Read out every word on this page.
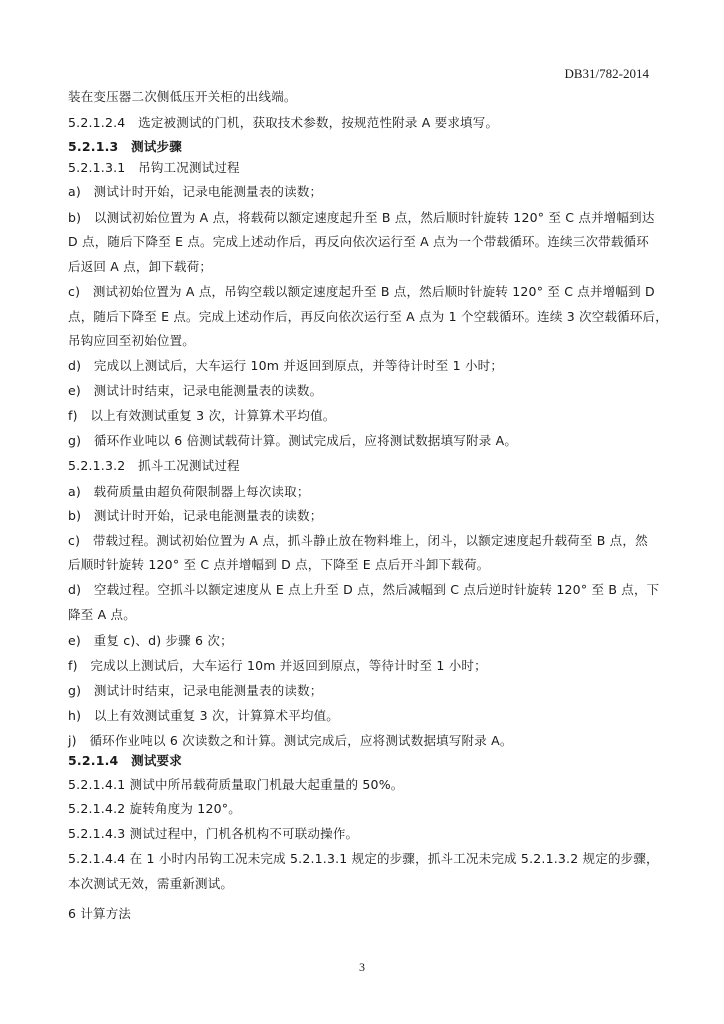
DB31/782-2014
装在变压器二次侧低压开关柜的出线端。
5.2.1.2.4　选定被测试的门机，获取技术参数，按规范性附录 A 要求填写。
5.2.1.3　测试步骤
5.2.1.3.1　吊钩工况测试过程
a)　测试计时开始，记录电能测量表的读数；
b)　以测试初始位置为 A 点，将载荷以额定速度起升至 B 点，然后顺时针旋转 120° 至 C 点并增幅到达
D 点，随后下降至 E 点。完成上述动作后，再反向依次运行至 A 点为一个带载循环。连续三次带载循环
后返回 A 点，卸下载荷；
c)　测试初始位置为 A 点，吊钩空载以额定速度起升至 B 点，然后顺时针旋转 120° 至 C 点并增幅到 D
点，随后下降至 E 点。完成上述动作后，再反向依次运行至 A 点为 1 个空载循环。连续 3 次空载循环后，
吊钩应回至初始位置。
d)　完成以上测试后，大车运行 10m 并返回到原点，并等待计时至 1 小时；
e)　测试计时结束，记录电能测量表的读数。
f)　以上有效测试重复 3 次，计算算术平均值。
g)　循环作业吨以 6 倍测试载荷计算。测试完成后，应将测试数据填写附录 A。
5.2.1.3.2　抓斗工况测试过程
a)　载荷质量由超负荷限制器上每次读取；
b)　测试计时开始，记录电能测量表的读数；
c)　带载过程。测试初始位置为 A 点，抓斗静止放在物料堆上，闭斗，以额定速度起升载荷至 B 点，然
后顺时针旋转 120° 至 C 点并增幅到 D 点，下降至 E 点后开斗卸下载荷。
d)　空载过程。空抓斗以额定速度从 E 点上升至 D 点，然后减幅到 C 点后逆时针旋转 120° 至 B 点，下
降至 A 点。
e)　重复 c)、d) 步骤 6 次；
f)　完成以上测试后，大车运行 10m 并返回到原点，等待计时至 1 小时；
g)　测试计时结束，记录电能测量表的读数；
h)　以上有效测试重复 3 次，计算算术平均值。
j)　循环作业吨以 6 次读数之和计算。测试完成后，应将测试数据填写附录 A。
5.2.1.4　测试要求
5.2.1.4.1 测试中所吊载荷质量取门机最大起重量的 50%。
5.2.1.4.2 旋转角度为 120°。
5.2.1.4.3 测试过程中，门机各机构不可联动操作。
5.2.1.4.4 在 1 小时内吊钩工况未完成 5.2.1.3.1 规定的步骤，抓斗工况未完成 5.2.1.3.2 规定的步骤，
本次测试无效，需重新测试。
6 计算方法
3
